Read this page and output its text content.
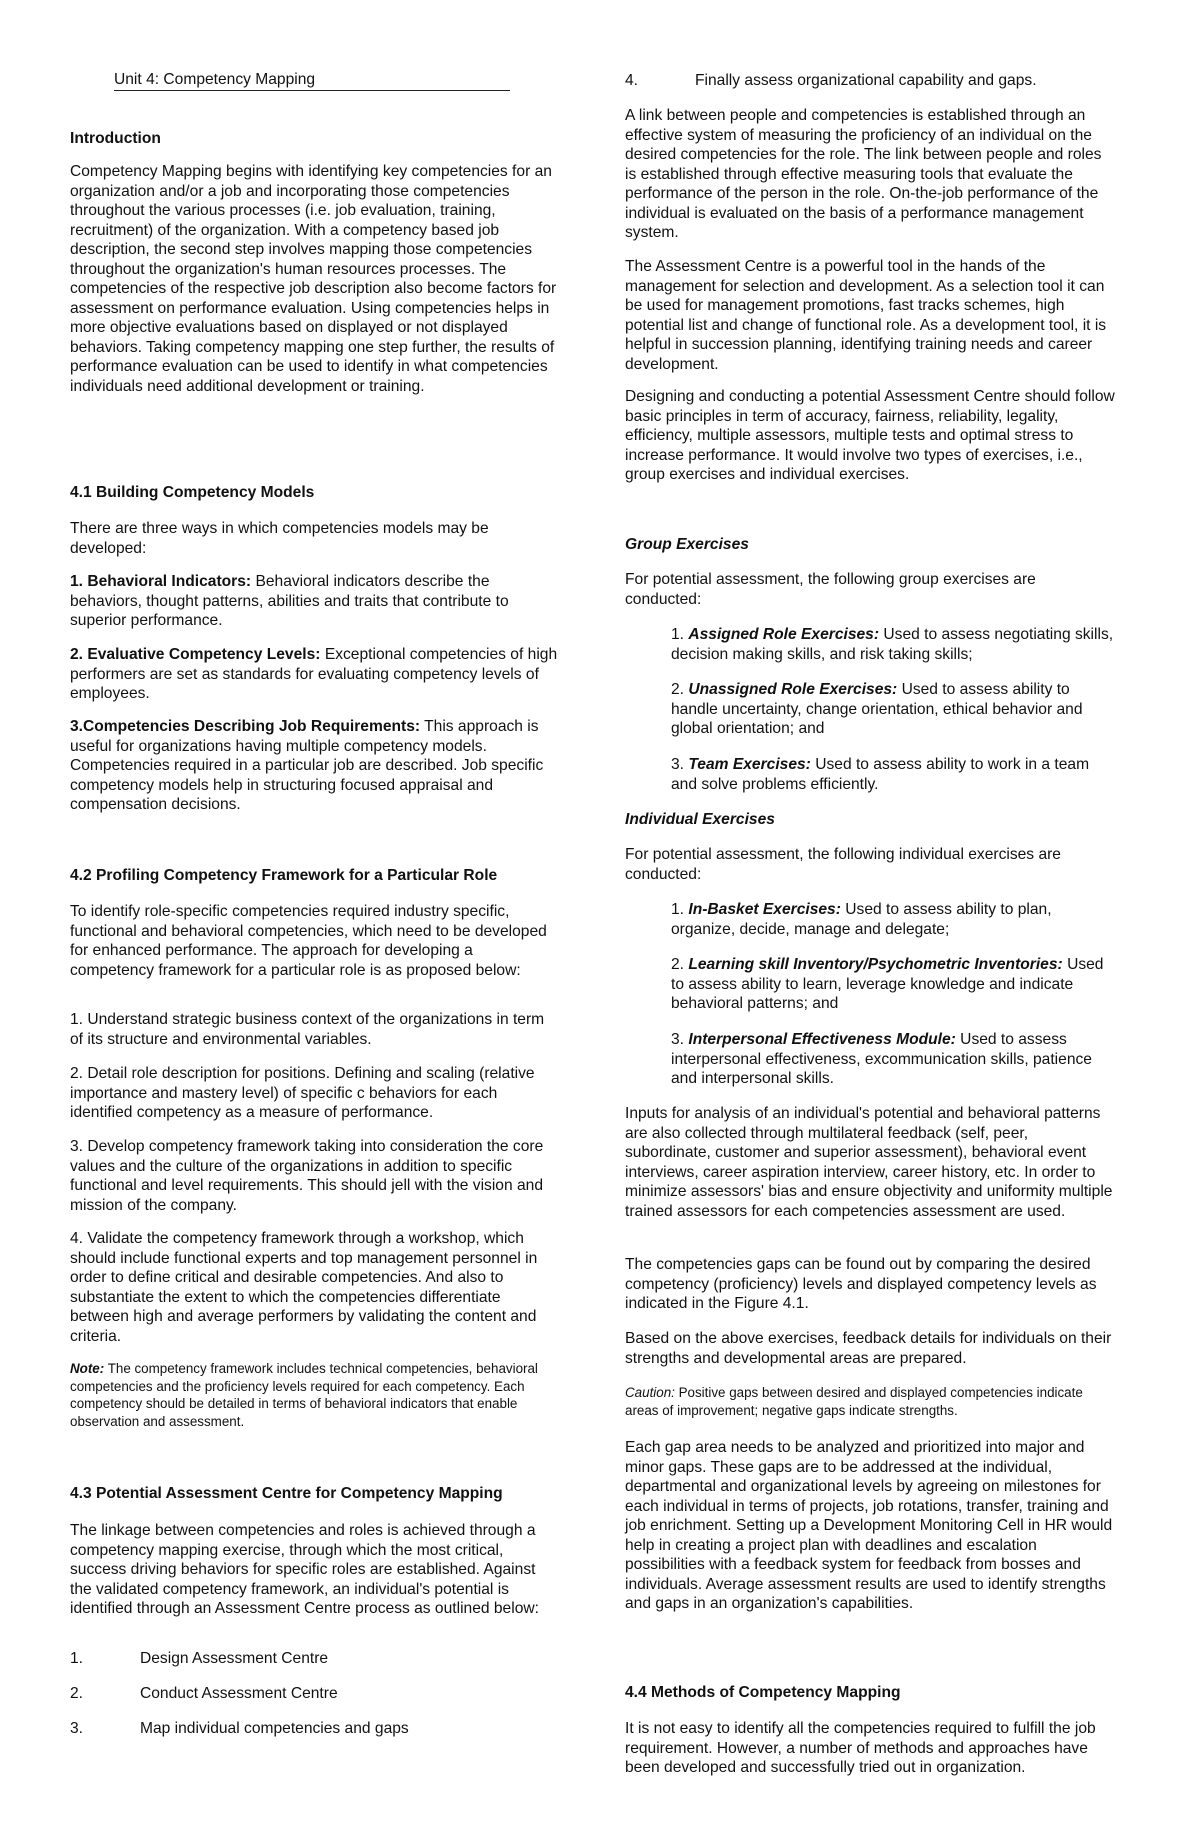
Unit 4: Competency Mapping

Introduction

Competency Mapping begins with identifying key competencies for an organization and/or a job and incorporating those competencies throughout the various processes (i.e. job evaluation, training, recruitment) of the organization. With a competency based job description, the second step involves mapping those competencies throughout the organization's human resources processes. The competencies of the respective job description also become factors for assessment on performance evaluation. Using competencies helps in more objective evaluations based on displayed or not displayed behaviors. Taking competency mapping one step further, the results of performance evaluation can be used to identify in what competencies individuals need additional development or training.

4.1 Building Competency Models

There are three ways in which competencies models may be developed:

1. Behavioral Indicators: Behavioral indicators describe the behaviors, thought patterns, abilities and traits that contribute to superior performance.

2. Evaluative Competency Levels: Exceptional competencies of high performers are set as standards for evaluating competency levels of employees.

3.Competencies Describing Job Requirements: This approach is useful for organizations having multiple competency models. Competencies required in a particular job are described. Job specific competency models help in structuring focused appraisal and compensation decisions.

4.2 Profiling Competency Framework for a Particular Role

To identify role-specific competencies required industry specific, functional and behavioral competencies, which need to be developed for enhanced performance. The approach for developing a competency framework for a particular role is as proposed below:

1. Understand strategic business context of the organizations in term of its structure and environmental variables.

2. Detail role description for positions. Defining and scaling (relative importance and mastery level) of specific c behaviors for each identified competency as a measure of performance.

3. Develop competency framework taking into consideration the core values and the culture of the organizations in addition to specific functional and level requirements. This should jell with the vision and mission of the company.

4. Validate the competency framework through a workshop, which should include functional experts and top management personnel in order to define critical and desirable competencies. And also to substantiate the extent to which the competencies differentiate between high and average performers by validating the content and criteria.

Note: The competency framework includes technical competencies, behavioral competencies and the proficiency levels required for each competency. Each competency should be detailed in terms of behavioral indicators that enable observation and assessment.

4.3 Potential Assessment Centre for Competency Mapping

The linkage between competencies and roles is achieved through a competency mapping exercise, through which the most critical, success driving behaviors for specific roles are established. Against the validated competency framework, an individual's potential is identified through an Assessment Centre process as outlined below:

1.	Design Assessment Centre
2.	Conduct Assessment Centre
3.	Map individual competencies and gaps
4.	Finally assess organizational capability and gaps.

A link between people and competencies is established through an effective system of measuring the proficiency of an individual on the desired competencies for the role. The link between people and roles is established through effective measuring tools that evaluate the performance of the person in the role. On-the-job performance of the individual is evaluated on the basis of a performance management system.

The Assessment Centre is a powerful tool in the hands of the management for selection and development. As a selection tool it can be used for management promotions, fast tracks schemes, high potential list and change of functional role. As a development tool, it is helpful in succession planning, identifying training needs and career development.

Designing and conducting a potential Assessment Centre should follow basic principles in term of accuracy, fairness, reliability, legality, efficiency, multiple assessors, multiple tests and optimal stress to increase performance. It would involve two types of exercises, i.e., group exercises and individual exercises.

Group Exercises

For potential assessment, the following group exercises are conducted:

1. Assigned Role Exercises: Used to assess negotiating skills, decision making skills, and risk taking skills;

2. Unassigned Role Exercises: Used to assess ability to handle uncertainty, change orientation, ethical behavior and global orientation; and

3. Team Exercises: Used to assess ability to work in a team and solve problems efficiently.

Individual Exercises

For potential assessment, the following individual exercises are conducted:

1. In-Basket Exercises: Used to assess ability to plan, organize, decide, manage and delegate;

2. Learning skill Inventory/Psychometric Inventories: Used to assess ability to learn, leverage knowledge and indicate behavioral patterns; and

3. Interpersonal Effectiveness Module: Used to assess interpersonal effectiveness, excommunication skills, patience and interpersonal skills.

Inputs for analysis of an individual's potential and behavioral patterns are also collected through multilateral feedback (self, peer, subordinate, customer and superior assessment), behavioral event interviews, career aspiration interview, career history, etc. In order to minimize assessors' bias and ensure objectivity and uniformity multiple trained assessors for each competencies assessment are used.

The competencies gaps can be found out by comparing the desired competency (proficiency) levels and displayed competency levels as indicated in the Figure 4.1.

Based on the above exercises, feedback details for individuals on their strengths and developmental areas are prepared.

Caution: Positive gaps between desired and displayed competencies indicate areas of improvement; negative gaps indicate strengths.

Each gap area needs to be analyzed and prioritized into major and minor gaps. These gaps are to be addressed at the individual, departmental and organizational levels by agreeing on milestones for each individual in terms of projects, job rotations, transfer, training and job enrichment. Setting up a Development Monitoring Cell in HR would help in creating a project plan with deadlines and escalation possibilities with a feedback system for feedback from bosses and individuals. Average assessment results are used to identify strengths and gaps in an organization's capabilities.

4.4 Methods of Competency Mapping

It is not easy to identify all the competencies required to fulfill the job requirement. However, a number of methods and approaches have been developed and successfully tried out in organization.
